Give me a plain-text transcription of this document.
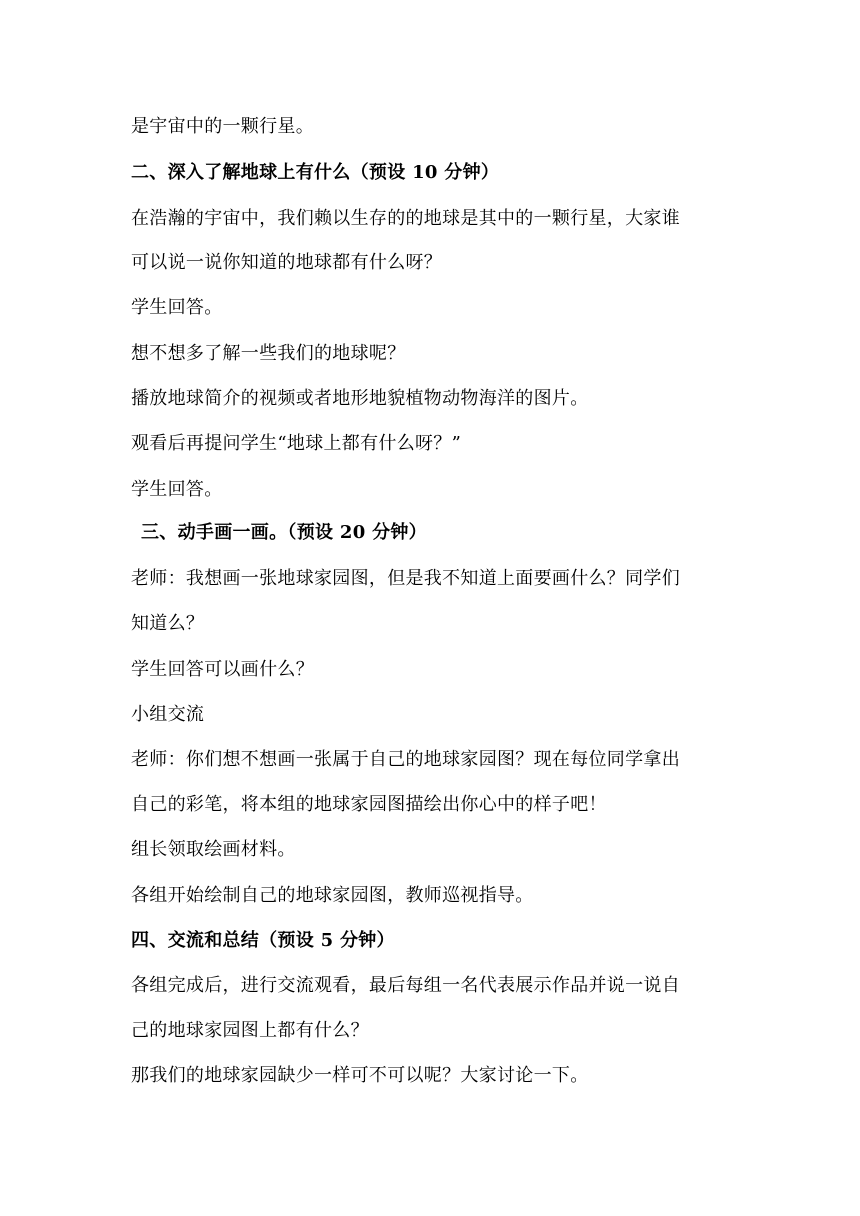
是宇宙中的一颗行星。
二、深入了解地球上有什么（预设 10 分钟）
在浩瀚的宇宙中，我们赖以生存的的地球是其中的一颗行星，大家谁
可以说一说你知道的地球都有什么呀？
学生回答。
想不想多了解一些我们的地球呢？
播放地球简介的视频或者地形地貌植物动物海洋的图片。
观看后再提问学生“地球上都有什么呀？”
学生回答。
三、动手画一画。（预设 20 分钟）
老师：我想画一张地球家园图，但是我不知道上面要画什么？同学们
知道么？
学生回答可以画什么？
小组交流
老师：你们想不想画一张属于自己的地球家园图？现在每位同学拿出
自己的彩笔，将本组的地球家园图描绘出你心中的样子吧！
组长领取绘画材料。
各组开始绘制自己的地球家园图，教师巡视指导。
四、交流和总结（预设 5 分钟）
各组完成后，进行交流观看，最后每组一名代表展示作品并说一说自
己的地球家园图上都有什么？
那我们的地球家园缺少一样可不可以呢？大家讨论一下。
